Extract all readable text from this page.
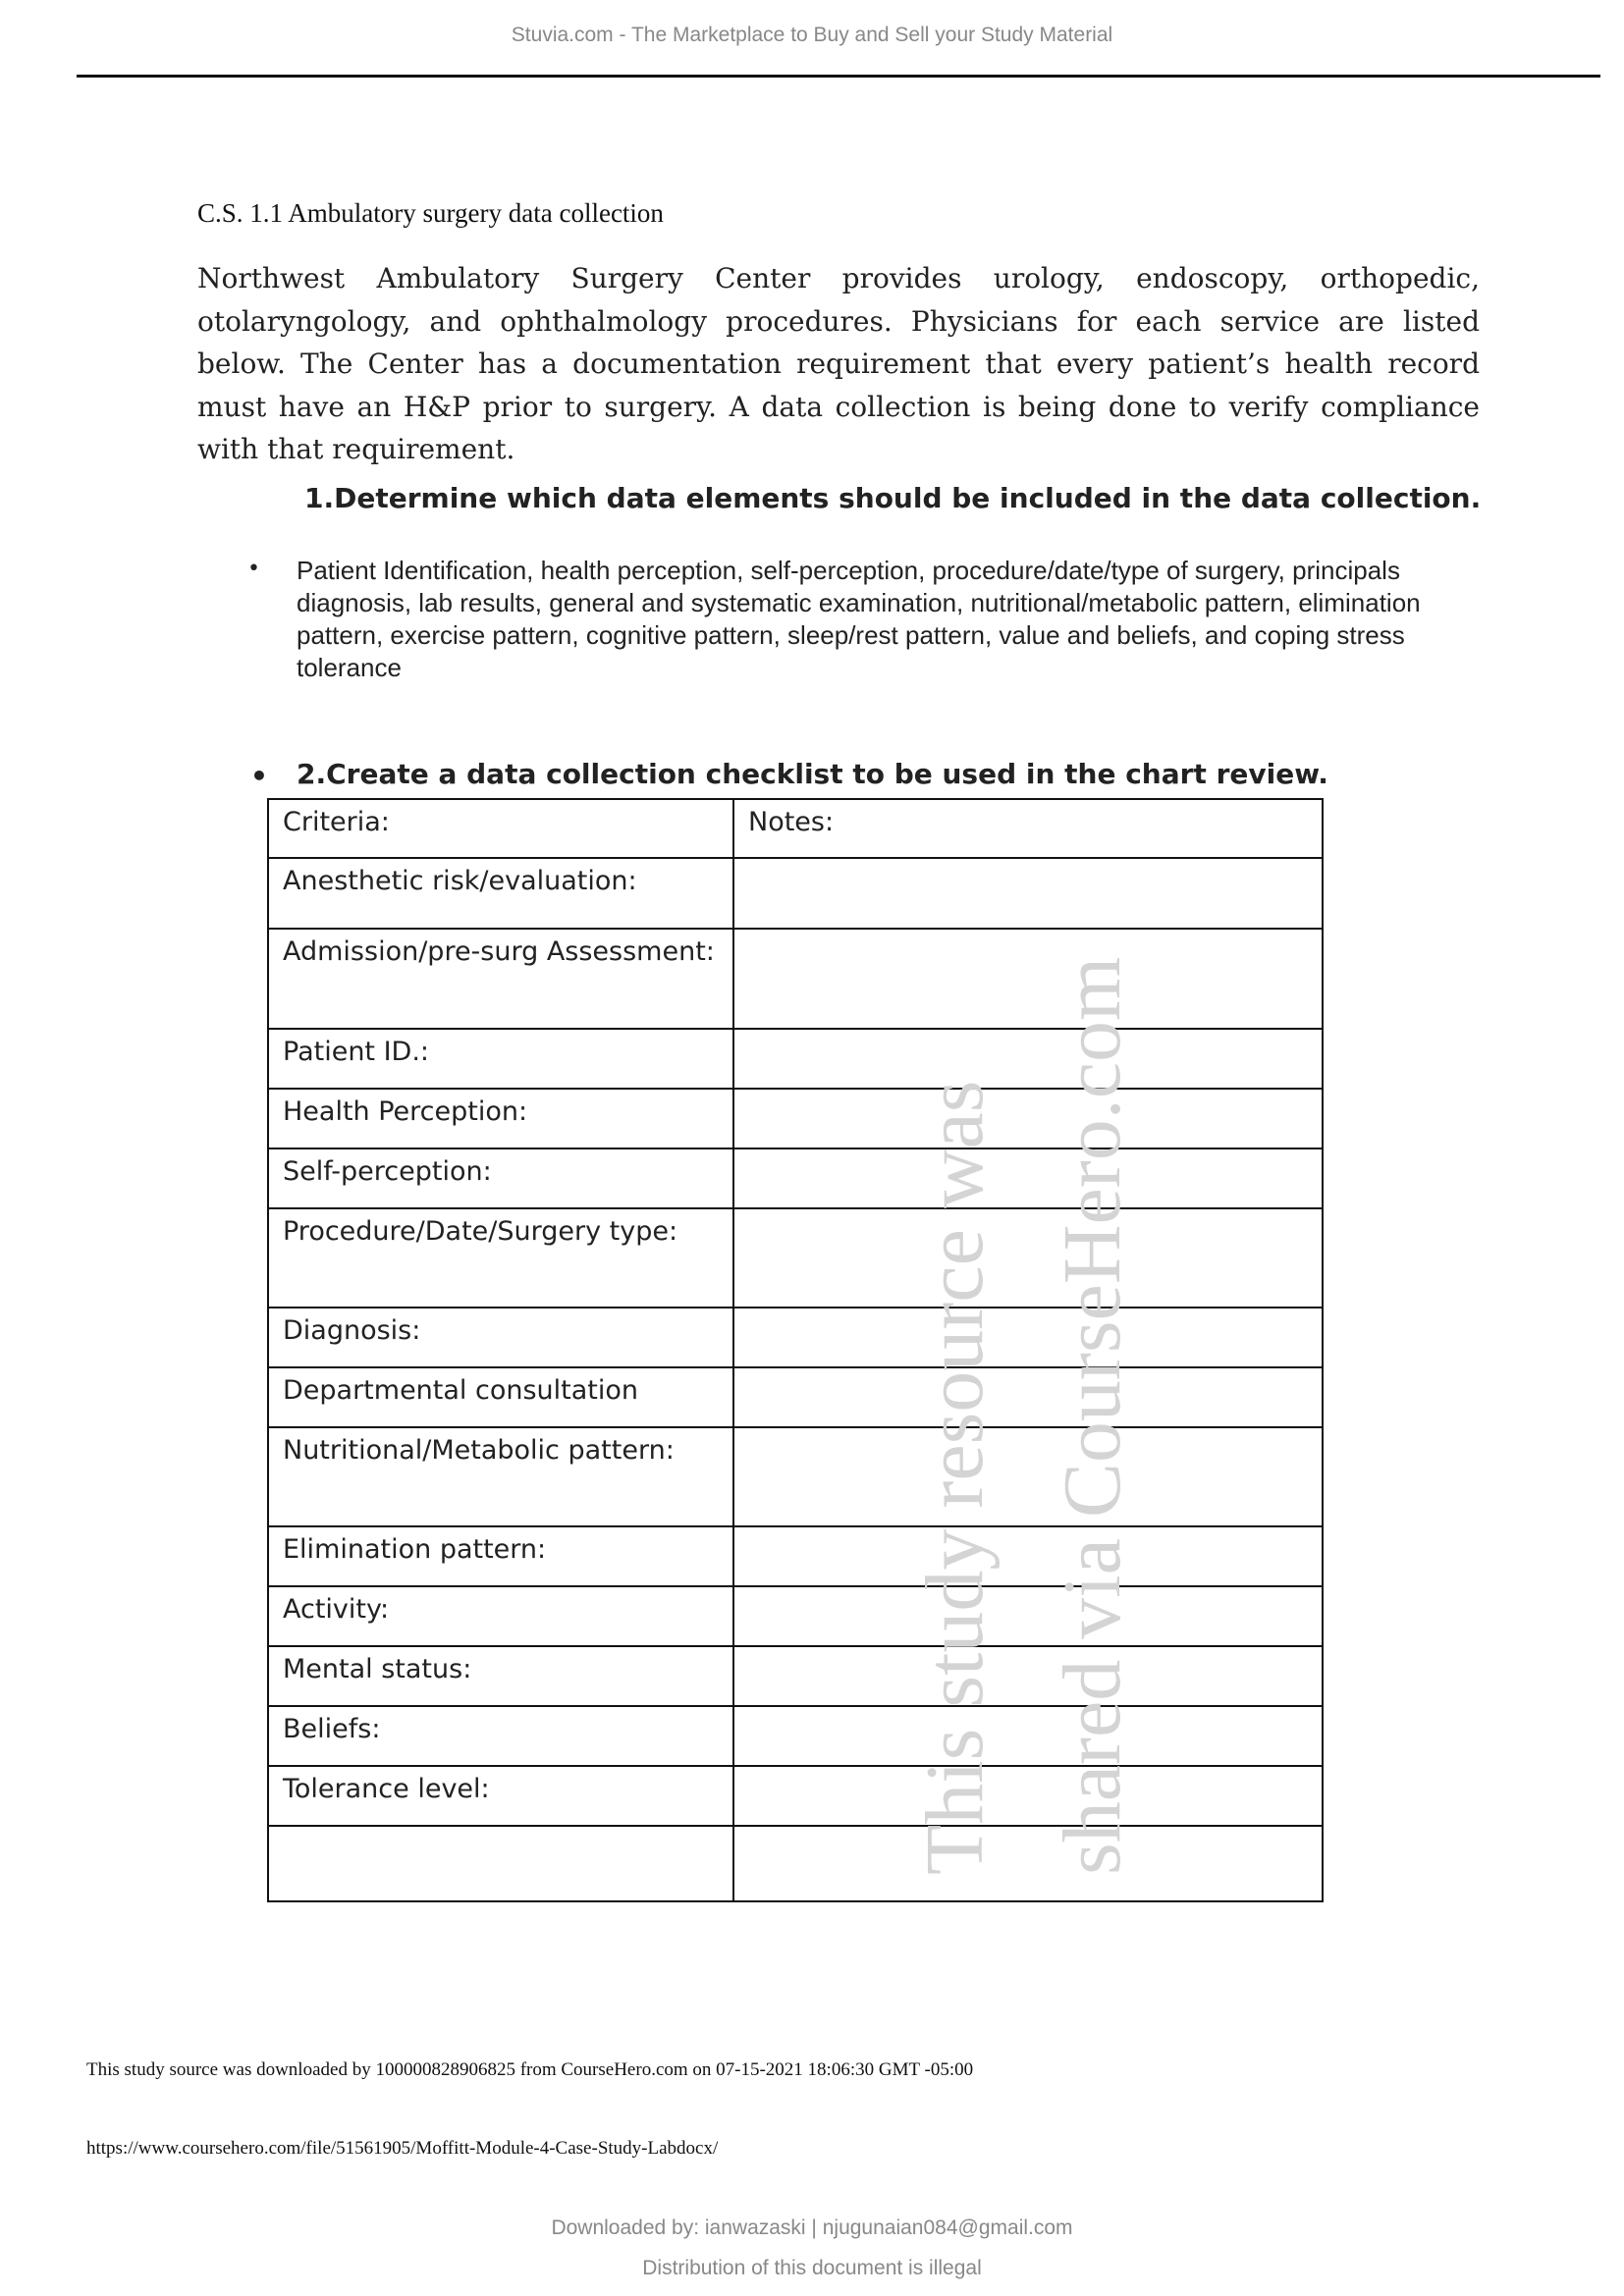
Stuvia.com - The Marketplace to Buy and Sell your Study Material
C.S. 1.1 Ambulatory surgery data collection
Northwest Ambulatory Surgery Center provides urology, endoscopy, orthopedic, otolaryngology, and ophthalmology procedures. Physicians for each service are listed below. The Center has a documentation requirement that every patient’s health record must have an H&P prior to surgery. A data collection is being done to verify compliance with that requirement.
1.Determine which data elements should be included in the data collection.
• Patient Identification, health perception, self-perception, procedure/date/type of surgery, principals diagnosis, lab results, general and systematic examination, nutritional/metabolic pattern, elimination pattern, exercise pattern, cognitive pattern, sleep/rest pattern, value and beliefs, and coping stress tolerance
• 2.Create a data collection checklist to be used in the chart review.
Criteria:	Notes:
Anesthetic risk/evaluation:	
Admission/pre-surg Assessment:	
Patient ID.:	
Health Perception:	
Self-perception:	
Procedure/Date/Surgery type:	
Diagnosis:	
Departmental consultation	
Nutritional/Metabolic pattern:	
Elimination pattern:	
Activity:	
Mental status:	
Beliefs:	
Tolerance level:	
		This study resource was shared via CourseHero.com
This study source was downloaded by 100000828906825 from CourseHero.com on 07-15-2021 18:06:30 GMT -05:00
https://www.coursehero.com/file/51561905/Moffitt-Module-4-Case-Study-Labdocx/
Downloaded by: ianwazaski | njugunaian084@gmail.com
Distribution of this document is illegal
